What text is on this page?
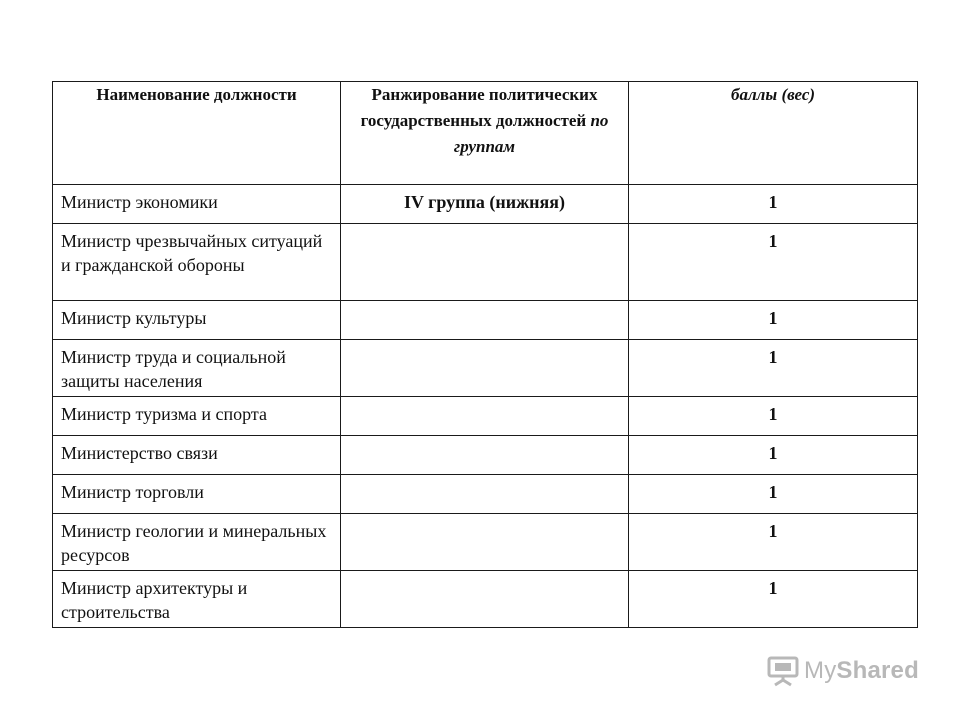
Наименование должности	Ранжирование политических государственных должностей по группам	баллы (вес)
Министр экономики	IV группа (нижняя)	1
Министр чрезвычайных ситуаций и гражданской обороны		1
Министр культуры		1
Министр труда и социальной защиты населения		1
Министр туризма и спорта		1
Министерство связи		1
Министр торговли		1
Министр геологии и минеральных ресурсов		1
Министр архитектуры и строительства		1
MyShared
